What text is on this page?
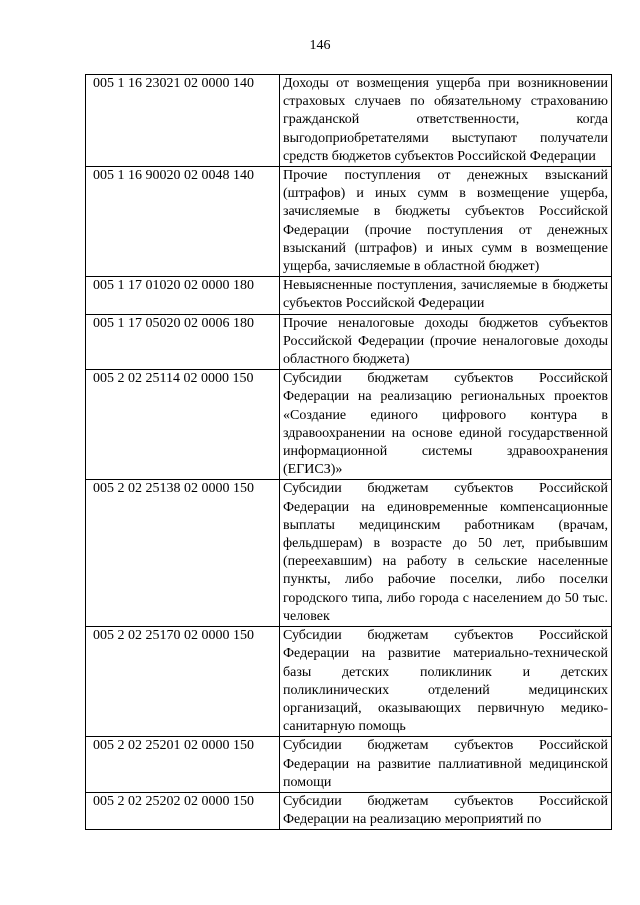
146
005 1 16 23021 02 0000 140	Доходы от возмещения ущерба при возникновении страховых случаев по обязательному страхованию гражданской ответственности, когда выгодоприобретателями выступают получатели средств бюджетов субъектов Российской Федерации
005 1 16 90020 02 0048 140	Прочие поступления от денежных взысканий (штрафов) и иных сумм в возмещение ущерба, зачисляемые в бюджеты субъектов Российской Федерации (прочие поступления от денежных взысканий (штрафов) и иных сумм в возмещение ущерба, зачисляемые в областной бюджет)
005 1 17 01020 02 0000 180	Невыясненные поступления, зачисляемые в бюджеты субъектов Российской Федерации
005 1 17 05020 02 0006 180	Прочие неналоговые доходы бюджетов субъектов Российской Федерации (прочие неналоговые доходы областного бюджета)
005 2 02 25114 02 0000 150	Субсидии бюджетам субъектов Российской Федерации на реализацию региональных проектов «Создание единого цифрового контура в здравоохранении на основе единой государственной информационной системы здравоохранения (ЕГИСЗ)»
005 2 02 25138 02 0000 150	Субсидии бюджетам субъектов Российской Федерации на единовременные компенсационные выплаты медицинским работникам (врачам, фельдшерам) в возрасте до 50 лет, прибывшим (переехавшим) на работу в сельские населенные пункты, либо рабочие поселки, либо поселки городского типа, либо города с населением до 50 тыс. человек
005 2 02 25170 02 0000 150	Субсидии бюджетам субъектов Российской Федерации на развитие материально-технической базы детских поликлиник и детских поликлинических отделений медицинских организаций, оказывающих первичную медико-санитарную помощь
005 2 02 25201 02 0000 150	Субсидии бюджетам субъектов Российской Федерации на развитие паллиативной медицинской помощи
005 2 02 25202 02 0000 150	Субсидии бюджетам субъектов Российской Федерации на реализацию мероприятий по
